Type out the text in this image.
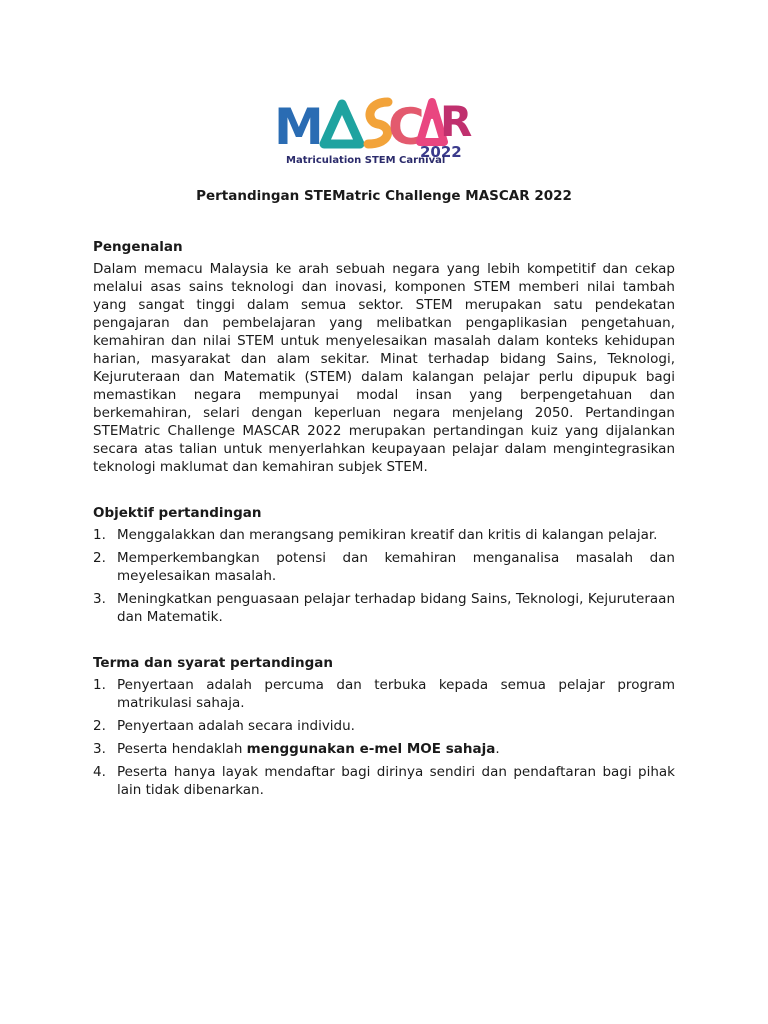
M C R
2022
Matriculation STEM Carnival
Pertandingan STEMatric Challenge MASCAR 2022

Pengenalan

Dalam memacu Malaysia ke arah sebuah negara yang lebih kompetitif dan cekap melalui asas sains teknologi dan inovasi, komponen STEM memberi nilai tambah yang sangat tinggi dalam semua sektor. STEM merupakan satu pendekatan pengajaran dan pembelajaran yang melibatkan pengaplikasian pengetahuan, kemahiran dan nilai STEM untuk menyelesaikan masalah dalam konteks kehidupan harian, masyarakat dan alam sekitar. Minat terhadap bidang Sains, Teknologi, Kejuruteraan dan Matematik (STEM) dalam kalangan pelajar perlu dipupuk bagi memastikan negara mempunyai modal insan yang berpengetahuan dan berkemahiran, selari dengan keperluan negara menjelang 2050. Pertandingan STEMatric Challenge MASCAR 2022 merupakan pertandingan kuiz yang dijalankan secara atas talian untuk menyerlahkan keupayaan pelajar dalam mengintegrasikan teknologi maklumat dan kemahiran subjek STEM.

Objektif pertandingan

1. Menggalakkan dan merangsang pemikiran kreatif dan kritis di kalangan pelajar.
2. Memperkembangkan potensi dan kemahiran menganalisa masalah dan meyelesaikan masalah.
3. Meningkatkan penguasaan pelajar terhadap bidang Sains, Teknologi, Kejuruteraan dan Matematik.

Terma dan syarat pertandingan

1. Penyertaan adalah percuma dan terbuka kepada semua pelajar program matrikulasi sahaja.
2. Penyertaan adalah secara individu.
3. Peserta hendaklah menggunakan e-mel MOE sahaja.
4. Peserta hanya layak mendaftar bagi dirinya sendiri dan pendaftaran bagi pihak lain tidak dibenarkan.
